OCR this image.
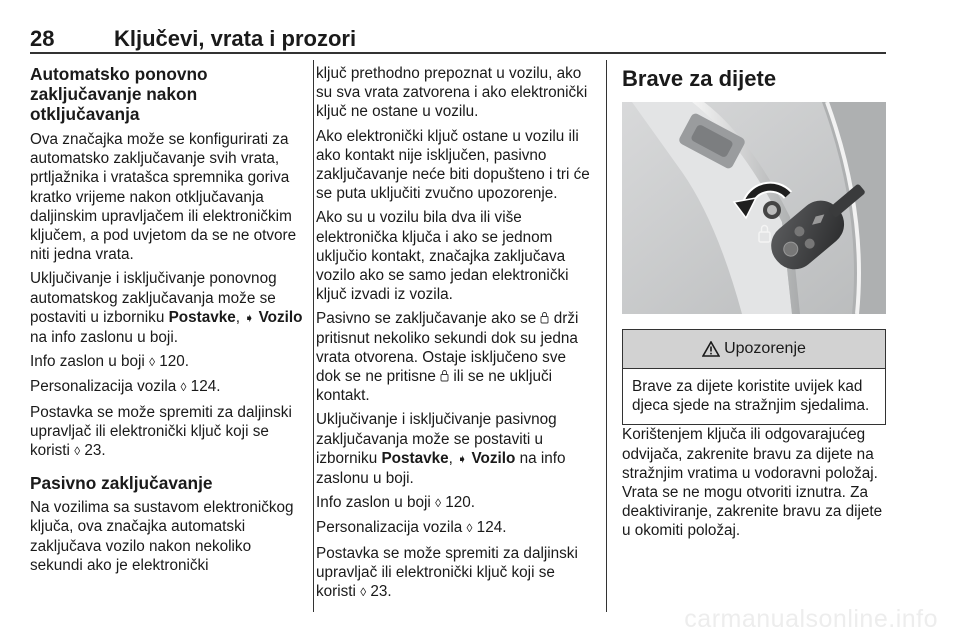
28	Ključevi, vrata i prozori
Automatsko ponovno zaključavanje nakon otključavanja

Ova značajka može se konfigurirati za automatsko zaključavanje svih vrata, prtljažnika i vratašca spremnika goriva kratko vrijeme nakon otključavanja daljinskim upravljačem ili elektroničkim ključem, a pod uvjetom da se ne otvore niti jedna vrata.

Uključivanje i isključivanje ponovnog automatskog zaključavanja može se postaviti u izborniku Postavke, ➧ Vozilo na info zaslonu u boji.

Info zaslon u boji ◊ 120.

Personalizacija vozila ◊ 124.

Postavka se može spremiti za daljinski upravljač ili elektronički ključ koji se koristi ◊ 23.

Pasivno zaključavanje

Na vozilima sa sustavom elektroničkog ključa, ova značajka automatski zaključava vozilo nakon nekoliko sekundi ako je elektronički

ključ prethodno prepoznat u vozilu, ako su sva vrata zatvorena i ako elektronički ključ ne ostane u vozilu.

Ako elektronički ključ ostane u vozilu ili ako kontakt nije isključen, pasivno zaključavanje neće biti dopušteno i tri će se puta uključiti zvučno upozorenje.

Ako su u vozilu bila dva ili više elektronička ključa i ako se jednom uključio kontakt, značajka zaključava vozilo ako se samo jedan elektronički ključ izvadi iz vozila.

Pasivno se zaključavanje ako se  drži pritisnut nekoliko sekundi dok su jedna vrata otvorena. Ostaje isključeno sve dok se ne pritisne  ili se ne uključi kontakt.

Uključivanje i isključivanje pasivnog zaključavanja može se postaviti u izborniku Postavke, ➧ Vozilo na info zaslonu u boji.

Info zaslon u boji ◊ 120.

Personalizacija vozila ◊ 124.

Postavka se može spremiti za daljinski upravljač ili elektronički ključ koji se koristi ◊ 23.

Brave za dijete
Upozorenje
Brave za dijete koristite uvijek kad djeca sjede na stražnjim sjedalima.

Korištenjem ključa ili odgovarajućeg odvijača, zakrenite bravu za dijete na stražnjim vratima u vodoravni položaj. Vrata se ne mogu otvoriti iznutra. Za deaktiviranje, zakrenite bravu za dijete u okomiti položaj.

carmanualsonline.info
